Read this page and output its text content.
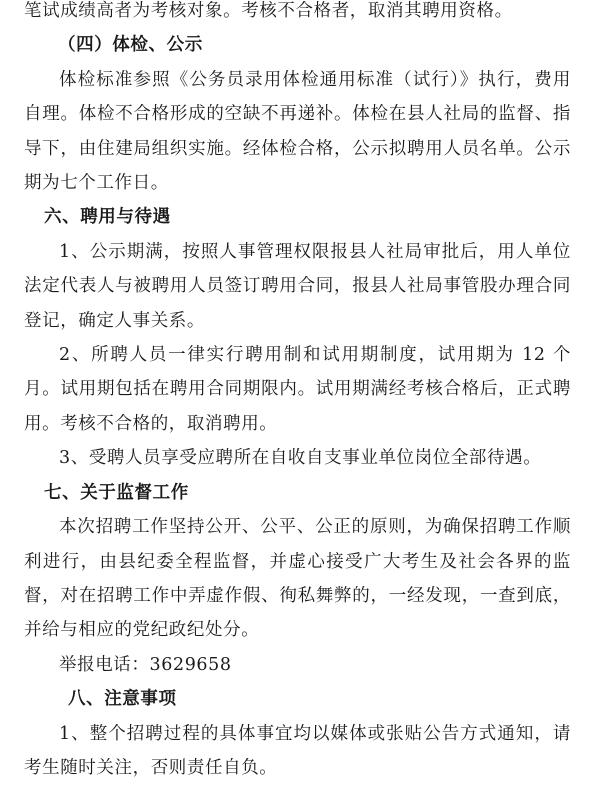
笔试成绩高者为考核对象。考核不合格者，取消其聘用资格。

（四）体检、公示

体检标准参照《公务员录用体检通用标准（试行）》执行，费用自理。体检不合格形成的空缺不再递补。体检在县人社局的监督、指导下，由住建局组织实施。经体检合格，公示拟聘用人员名单。公示期为七个工作日。

六、聘用与待遇

1、公示期满，按照人事管理权限报县人社局审批后，用人单位法定代表人与被聘用人员签订聘用合同，报县人社局事管股办理合同登记，确定人事关系。

2、所聘人员一律实行聘用制和试用期制度，试用期为 12 个月。试用期包括在聘用合同期限内。试用期满经考核合格后，正式聘用。考核不合格的，取消聘用。

3、受聘人员享受应聘所在自收自支事业单位岗位全部待遇。

七、关于监督工作

本次招聘工作坚持公开、公平、公正的原则，为确保招聘工作顺利进行，由县纪委全程监督，并虚心接受广大考生及社会各界的监督，对在招聘工作中弄虚作假、徇私舞弊的，一经发现，一查到底，并给与相应的党纪政纪处分。

举报电话：3629658

八、注意事项

1、整个招聘过程的具体事宜均以媒体或张贴公告方式通知，请考生随时关注，否则责任自负。
